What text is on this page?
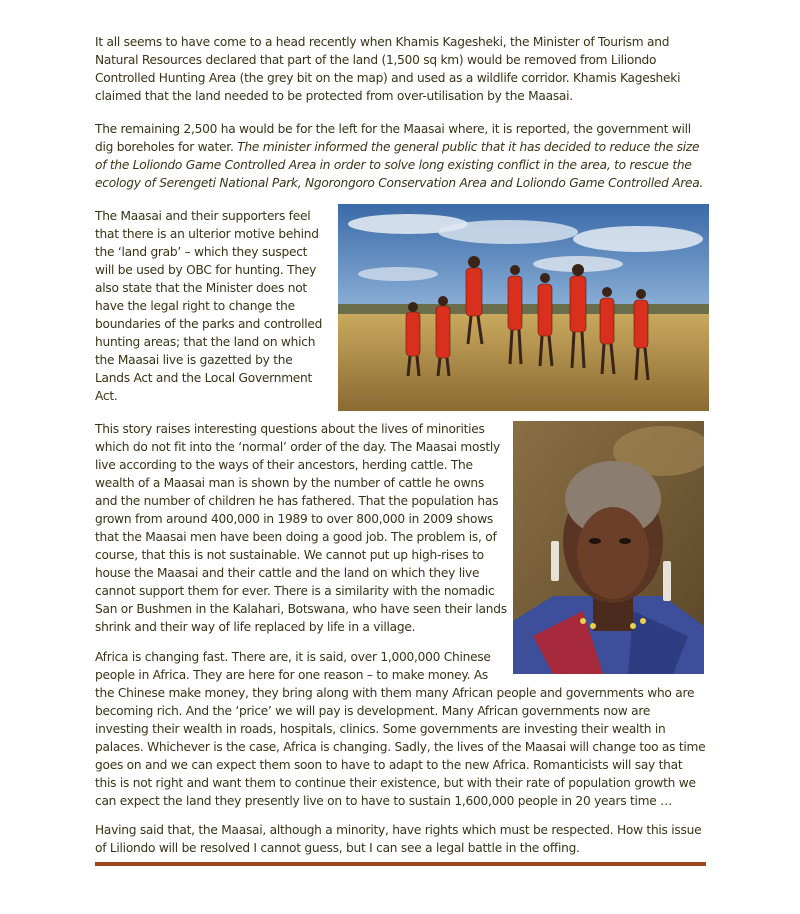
It all seems to have come to a head recently when Khamis Kagesheki, the Minister of Tourism and Natural Resources declared that part of the land (1,500 sq km) would be removed from Liliondo Controlled Hunting Area (the grey bit on the map) and used as a wildlife corridor. Khamis Kagesheki claimed that the land needed to be protected from over-utilisation by the Maasai.

The remaining 2,500 ha would be for the left for the Maasai where, it is reported, the government will dig boreholes for water. The minister informed the general public that it has decided to reduce the size of the Loliondo Game Controlled Area in order to solve long existing conflict in the area, to rescue the ecology of Serengeti National Park, Ngorongoro Conservation Area and Loliondo Game Controlled Area.

The Maasai and their supporters feel that there is an ulterior motive behind the ‘land grab’ – which they suspect will be used by OBC for hunting. They also state that the Minister does not have the legal right to change the boundaries of the parks and controlled hunting areas; that the land on which the Maasai live is gazetted by the Lands Act and the Local Government Act.

This story raises interesting questions about the lives of minorities which do not fit into the ‘normal’ order of the day. The Maasai mostly live according to the ways of their ancestors, herding cattle. The wealth of a Maasai man is shown by the number of cattle he owns and the number of children he has fathered. That the population has grown from around 400,000 in 1989 to over 800,000 in 2009 shows that the Maasai men have been doing a good job. The problem is, of course, that this is not sustainable. We cannot put up high-rises to house the Maasai and their cattle and the land on which they live cannot support them for ever. There is a similarity with the nomadic San or Bushmen in the Kalahari, Botswana, who have seen their lands shrink and their way of life replaced by life in a village.

Africa is changing fast. There are, it is said, over 1,000,000 Chinese people in Africa. They are here for one reason – to make money. As
the Chinese make money, they bring along with them many African people and governments who are becoming rich. And the ‘price’ we will pay is development. Many African governments now are investing their wealth in roads, hospitals, clinics. Some governments are investing their wealth in palaces. Whichever is the case, Africa is changing. Sadly, the lives of the Maasai will change too as time goes on and we can expect them soon to have to adapt to the new Africa. Romanticists will say that this is not right and want them to continue their existence, but with their rate of population growth we can expect the land they presently live on to have to sustain 1,600,000 people in 20 years time …

Having said that, the Maasai, although a minority, have rights which must be respected. How this issue of Liliondo will be resolved I cannot guess, but I can see a legal battle in the offing.
